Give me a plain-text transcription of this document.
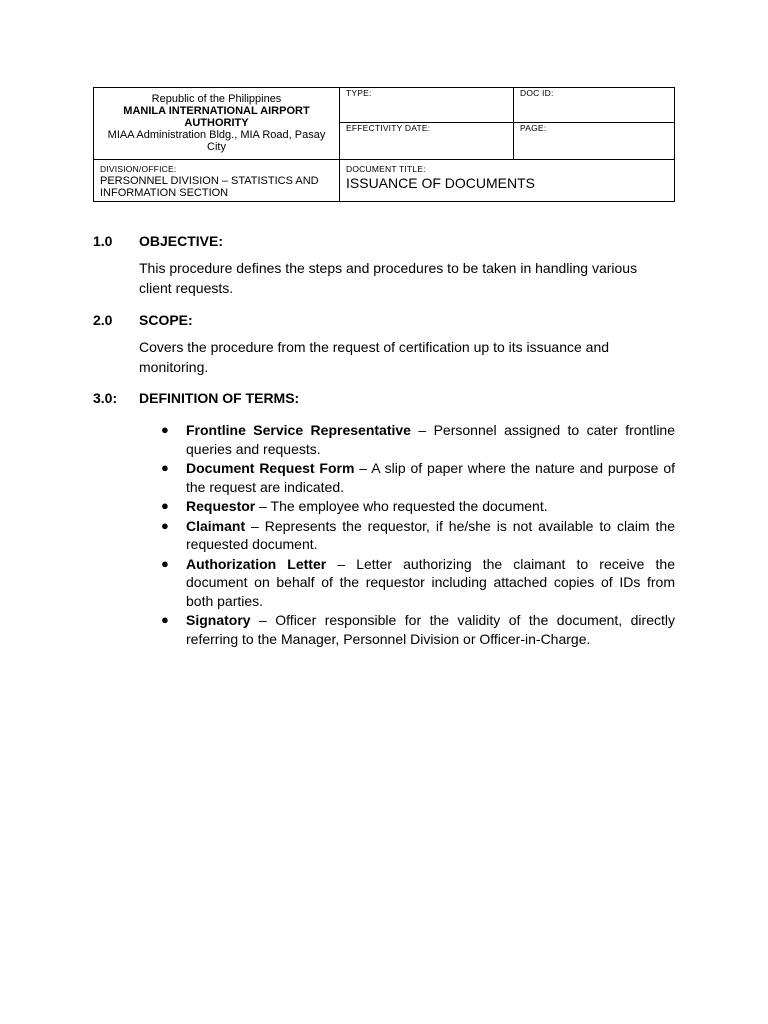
Republic of the Philippines
MANILA INTERNATIONAL AIRPORT AUTHORITY
MIAA Administration Bldg., MIA Road, Pasay City
TYPE:	DOC ID:
EFFECTIVITY DATE:	PAGE:
DIVISION/OFFICE:
PERSONNEL DIVISION – STATISTICS AND INFORMATION SECTION
DOCUMENT TITLE:
ISSUANCE OF DOCUMENTS
1.0 OBJECTIVE:
This procedure defines the steps and procedures to be taken in handling various client requests.
2.0 SCOPE:
Covers the procedure from the request of certification up to its issuance and monitoring.
3.0: DEFINITION OF TERMS:
● Frontline Service Representative – Personnel assigned to cater frontline queries and requests.
● Document Request Form – A slip of paper where the nature and purpose of the request are indicated.
● Requestor – The employee who requested the document.
● Claimant – Represents the requestor, if he/she is not available to claim the requested document.
● Authorization Letter – Letter authorizing the claimant to receive the document on behalf of the requestor including attached copies of IDs from both parties.
● Signatory – Officer responsible for the validity of the document, directly referring to the Manager, Personnel Division or Officer-in-Charge.
